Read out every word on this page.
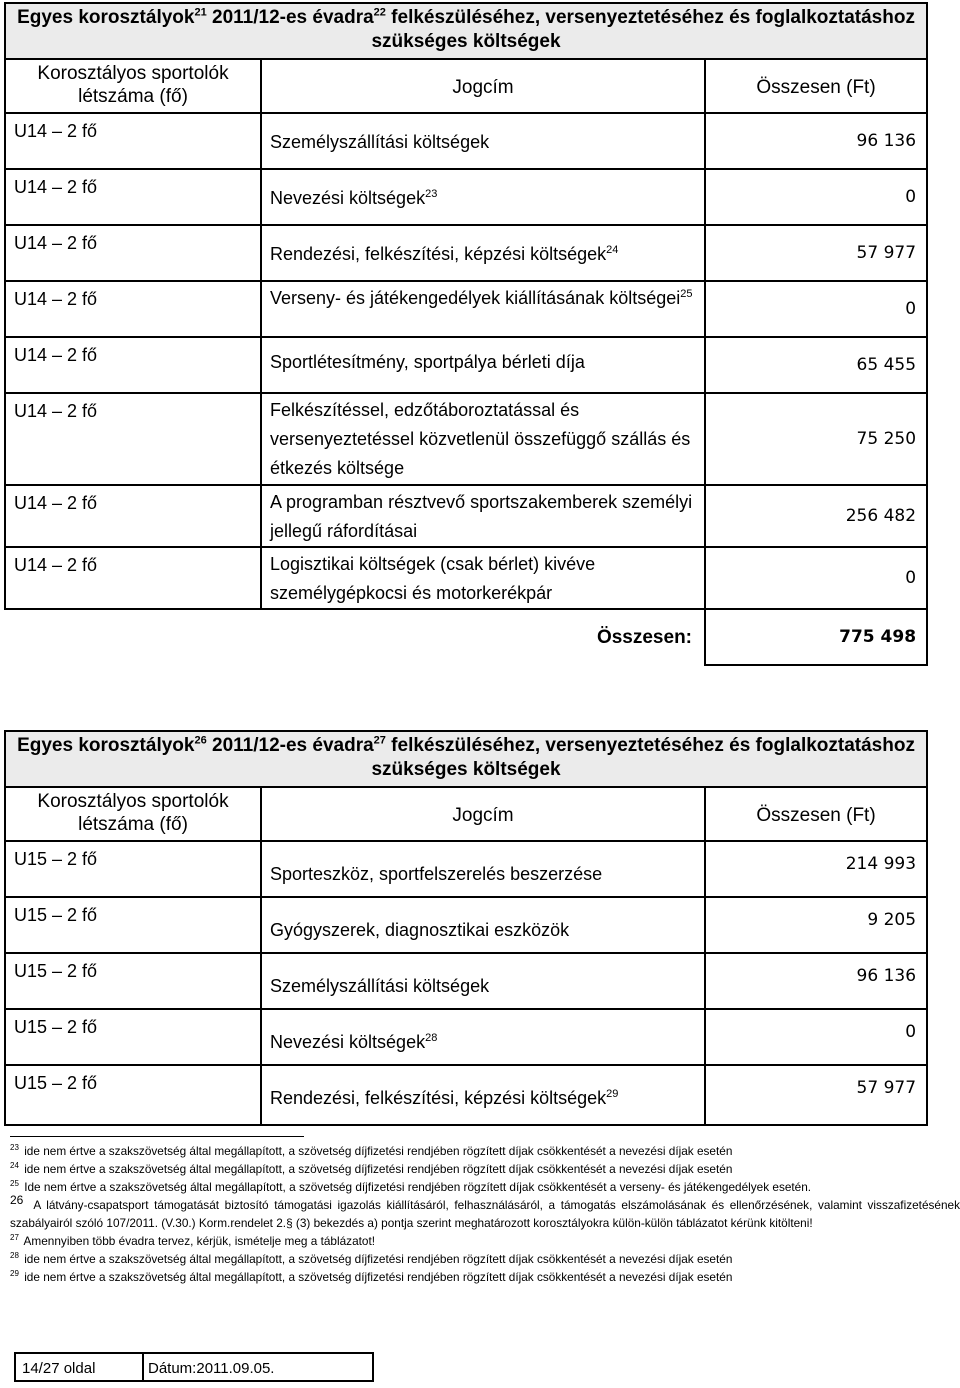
Egyes korosztályok$^{21}$ 2011/12-es évadra$^{22}$ felkészüléséhez, versenyeztetéséhez és foglalkoztatáshoz szükséges költségek		
Korosztályos sportolók létszáma (fő)	Jogcím	Összesen (Ft)
U14 – 2 fő	Személyszállítási költségek	96 136
U14 – 2 fő	Nevezési költségek$^{23}$	0
U14 – 2 fő	Rendezési, felkészítési, képzési költségek$^{24}$	57 977
U14 – 2 fő	Verseny- és játékengedélyek kiállításának költségei$^{25}$	0
U14 – 2 fő	Sportlétesítmény, sportpálya bérleti díja	65 455
U14 – 2 fő	Felkészítéssel, edzőtáboroztatással és versenyeztetéssel közvetlenül összefüggő szállás és étkezés költsége	75 250
U14 – 2 fő	A programban résztvevő sportszakemberek személyi jellegű ráfordításai	256 482
U14 – 2 fő	Logisztikai költségek (csak bérlet) kivéve személygépkocsi és motorkerékpár	0
	Összesen:	775 498
Egyes korosztályok$^{26}$ 2011/12-es évadra$^{27}$ felkészüléséhez, versenyeztetéséhez és foglalkoztatáshoz szükséges költségek		
Korosztályos sportolók létszáma (fő)	Jogcím	Összesen (Ft)
U15 – 2 fő	Sporteszköz, sportfelszerelés beszerzése	214 993
U15 – 2 fő	Gyógyszerek, diagnosztikai eszközök	9 205
U15 – 2 fő	Személyszállítási költségek	96 136
U15 – 2 fő	Nevezési költségek$^{28}$	0
U15 – 2 fő	Rendezési, felkészítési, képzési költségek$^{29}$	57 977

$^{23}$ ide nem értve a szakszövetség által megállapított, a szövetség díjfizetési rendjében rögzített díjak csökkentését a nevezési díjak esetén

$^{24}$ ide nem értve a szakszövetség által megállapított, a szövetség díjfizetési rendjében rögzített díjak csökkentését a nevezési díjak esetén

$^{25}$ Ide nem értve a szakszövetség által megállapított, a szövetség díjfizetési rendjében rögzített díjak csökkentését a verseny- és játékengedélyek esetén.

26 A látvány-csapatsport támogatását biztosító támogatási igazolás kiállításáról, felhasználásáról, a támogatás elszámolásának és ellenőrzésének, valamint visszafizetésének szabályairól szóló 107/2011. (V.30.) Korm.rendelet 2.§ (3) bekezdés a) pontja szerint meghatározott korosztályokra külön-külön táblázatot kérünk kitölteni!

$^{27}$ Amennyiben több évadra tervez, kérjük, ismételje meg a táblázatot!

$^{28}$ ide nem értve a szakszövetség által megállapított, a szövetség díjfizetési rendjében rögzített díjak csökkentését a nevezési díjak esetén

$^{29}$ ide nem értve a szakszövetség által megállapított, a szövetség díjfizetési rendjében rögzített díjak csökkentését a nevezési díjak esetén

14/27 oldal	Dátum:2011.09.05.
